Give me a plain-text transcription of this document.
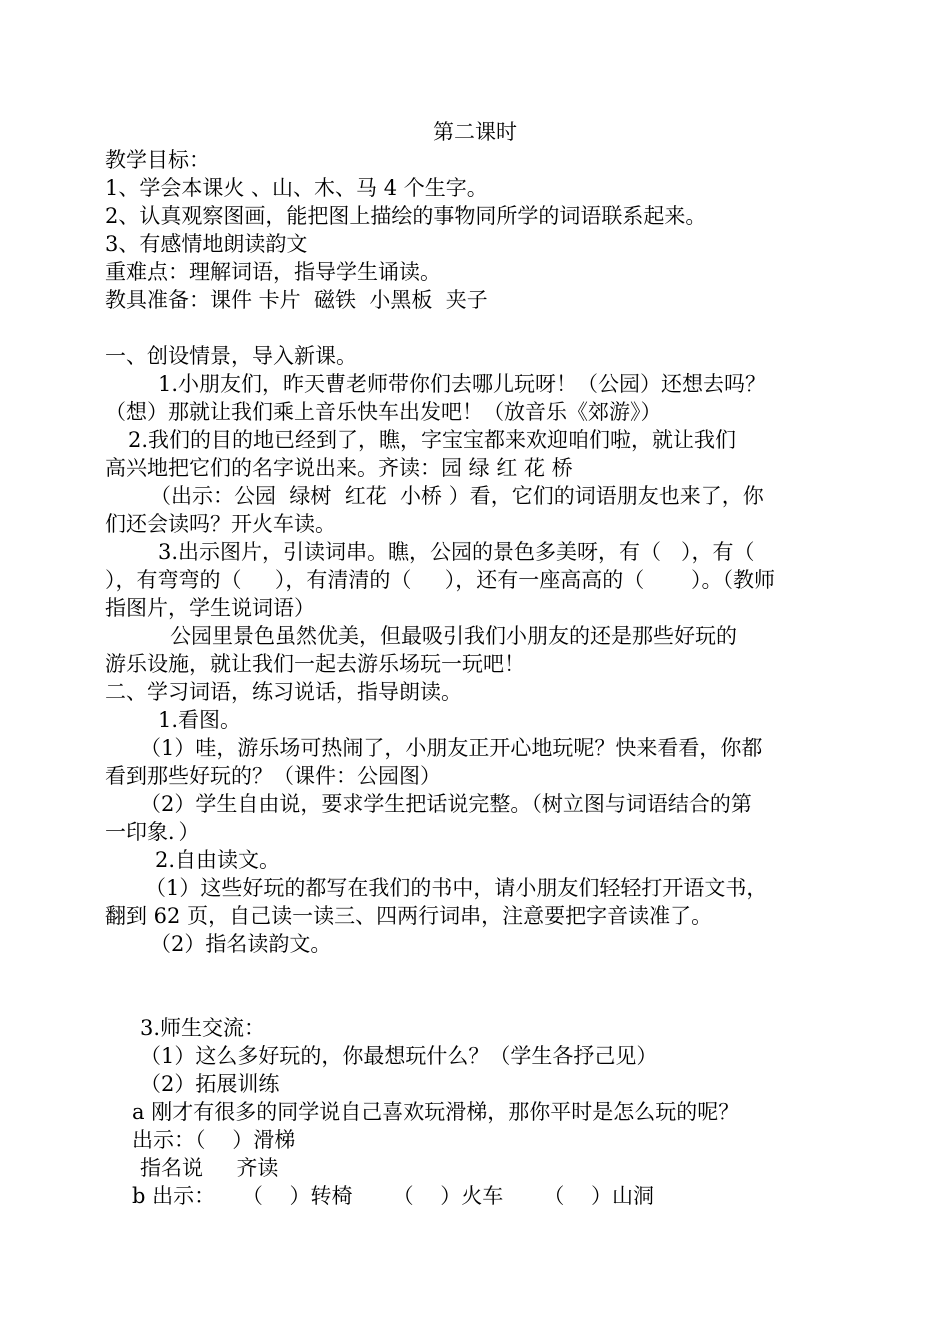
第二课时
教学目标：
1、学会本课火 、山、木、马 4 个生字。
2、认真观察图画，能把图上描绘的事物同所学的词语联系起来。
3、有感情地朗读韵文
重难点：理解词语，指导学生诵读。
教具准备：课件 卡片  磁铁  小黑板  夹子
一、创设情景，导入新课。
1.小朋友们，昨天曹老师带你们去哪儿玩呀！（公园）还想去吗？
（想）那就让我们乘上音乐快车出发吧！（放音乐《郊游》）
2.我们的目的地已经到了，瞧，字宝宝都来欢迎咱们啦，就让我们
高兴地把它们的名字说出来。齐读：园 绿 红 花 桥
（出示：公园  绿树  红花  小桥 ）看，它们的词语朋友也来了，你
们还会读吗？开火车读。
3.出示图片，引读词串。瞧，公园的景色多美呀，有（   ），有（
），有弯弯的（     ），有清清的（     ），还有一座高高的（       ）。（教师
指图片，学生说词语）
公园里景色虽然优美，但最吸引我们小朋友的还是那些好玩的
游乐设施，就让我们一起去游乐场玩一玩吧！
二、学习词语，练习说话，指导朗读。
1.看图。
（1）哇，游乐场可热闹了，小朋友正开心地玩呢？快来看看，你都
看到那些好玩的？（课件：公园图）
（2）学生自由说，要求学生把话说完整。（树立图与词语结合的第
一印象．）
2.自由读文。
（1）这些好玩的都写在我们的书中，请小朋友们轻轻打开语文书，
翻到 62 页，自己读一读三、四两行词串，注意要把字音读准了。
（2）指名读韵文。
3.师生交流：
（1）这么多好玩的，你最想玩什么？（学生各抒己见）
（2）拓展训练
a 刚才有很多的同学说自己喜欢玩滑梯，那你平时是怎么玩的呢？
出示：（    ）滑梯
指名说     齐读
b 出示：    （    ）转椅      （    ）火车      （    ）山洞
